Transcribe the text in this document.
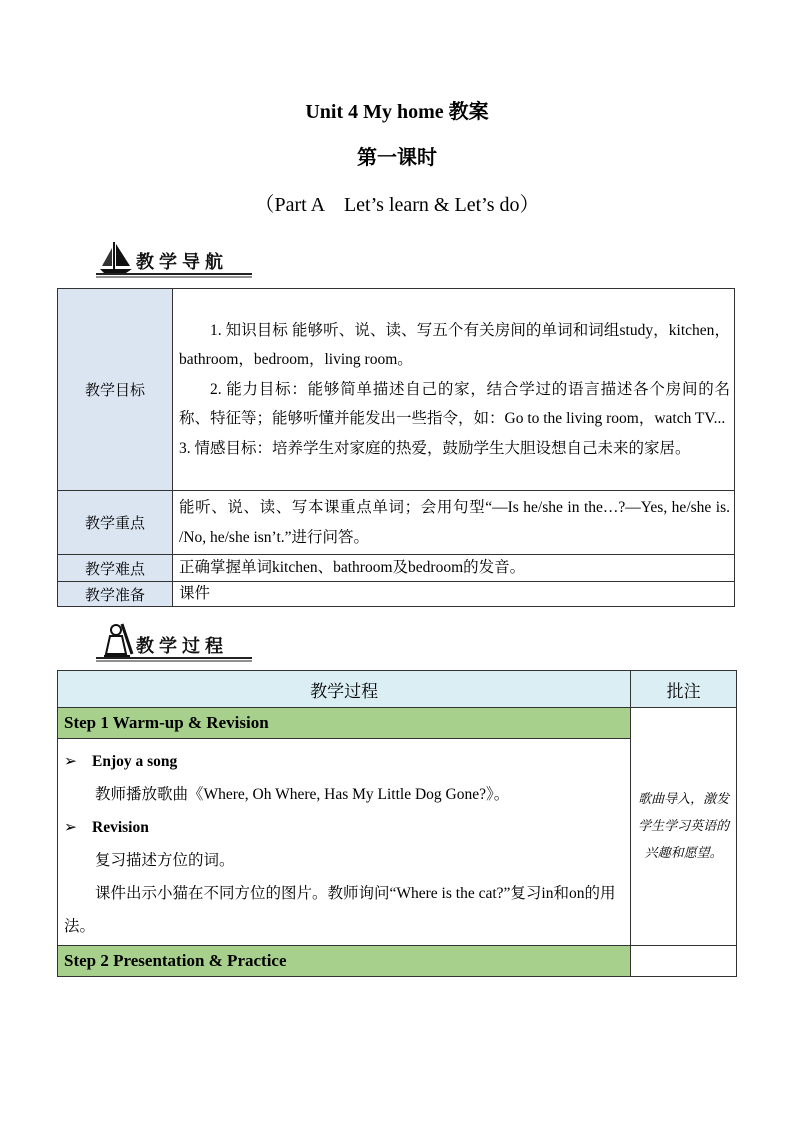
Unit 4 My home 教案
第一课时
（Part A　Let’s learn & Let’s do）
教学导航
教学目标	1. 知识目标 能够听、说、读、写五个有关房间的单词和词组study，kitchen，bathroom，bedroom，living room。

2. 能力目标：能够简单描述自己的家，结合学过的语言描述各个房间的名称、特征等；能够听懂并能发出一些指令，如：Go to the living room，watch TV...

3. 情感目标：培养学生对家庭的热爱，鼓励学生大胆设想自己未来的家居。

教学重点	能听、说、读、写本课重点单词；会用句型“—Is he/she in the…?—Yes, he/she is. /No, he/she isn’t.”进行问答。
教学难点	正确掌握单词kitchen、bathroom及bedroom的发音。
教学准备	课件
教学过程
教学过程	批注
Step 1 Warm-up & Revision	歌曲导入，激发学生学习英语的兴趣和愿望。

➢ Enjoy a song

教师播放歌曲《Where, Oh Where, Has My Little Dog Gone?》。

➢ Revision

复习描述方位的词。

课件出示小猫在不同方位的图片。教师询问“Where is the cat?”复习in和on的用法。	

Step 2 Presentation & Practice	
